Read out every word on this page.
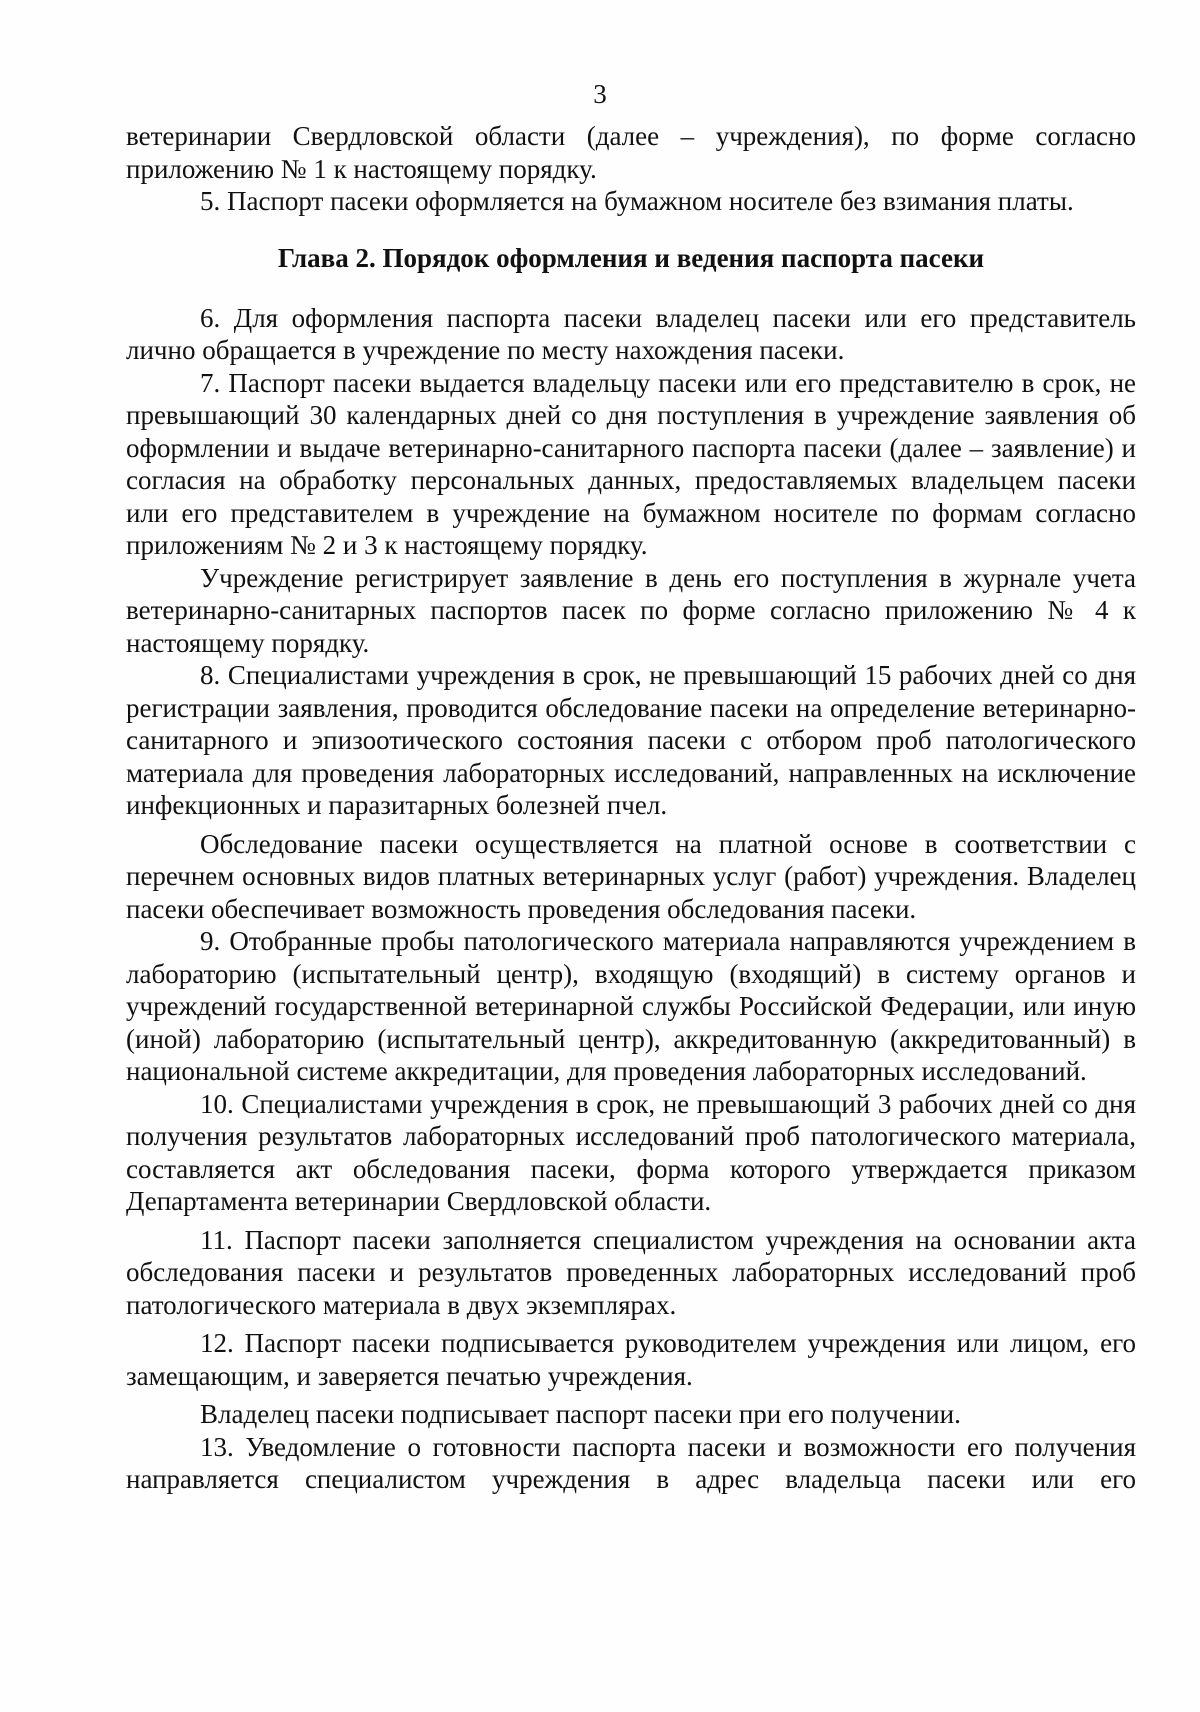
3

ветеринарии Свердловской области (далее – учреждения), по форме согласно приложению № 1 к настоящему порядку.

5. Паспорт пасеки оформляется на бумажном носителе без взимания платы.

Глава 2. Порядок оформления и ведения паспорта пасеки

6. Для оформления паспорта пасеки владелец пасеки или его представитель лично обращается в учреждение по месту нахождения пасеки.

7. Паспорт пасеки выдается владельцу пасеки или его представителю в срок, не превышающий 30 календарных дней со дня поступления в учреждение заявления об оформлении и выдаче ветеринарно-санитарного паспорта пасеки (далее – заявление) и согласия на обработку персональных данных, предоставляемых владельцем пасеки или его представителем в учреждение на бумажном носителе по формам согласно приложениям № 2 и 3 к настоящему порядку.

Учреждение регистрирует заявление в день его поступления в журнале учета ветеринарно-санитарных паспортов пасек по форме согласно приложению № 4 к настоящему порядку.

8. Специалистами учреждения в срок, не превышающий 15 рабочих дней со дня регистрации заявления, проводится обследование пасеки на определение ветеринарно-санитарного и эпизоотического состояния пасеки с отбором проб патологического материала для проведения лабораторных исследований, направленных на исключение инфекционных и паразитарных болезней пчел.

Обследование пасеки осуществляется на платной основе в соответствии с перечнем основных видов платных ветеринарных услуг (работ) учреждения. Владелец пасеки обеспечивает возможность проведения обследования пасеки.

9. Отобранные пробы патологического материала направляются учреждением в лабораторию (испытательный центр), входящую (входящий) в систему органов и учреждений государственной ветеринарной службы Российской Федерации, или иную (иной) лабораторию (испытательный центр), аккредитованную (аккредитованный) в национальной системе аккредитации, для проведения лабораторных исследований.

10. Специалистами учреждения в срок, не превышающий 3 рабочих дней со дня получения результатов лабораторных исследований проб патологического материала, составляется акт обследования пасеки, форма которого утверждается приказом Департамента ветеринарии Свердловской области.

11. Паспорт пасеки заполняется специалистом учреждения на основании акта обследования пасеки и результатов проведенных лабораторных исследований проб патологического материала в двух экземплярах.

12. Паспорт пасеки подписывается руководителем учреждения или лицом, его замещающим, и заверяется печатью учреждения.

Владелец пасеки подписывает паспорт пасеки при его получении.

13. Уведомление о готовности паспорта пасеки и возможности его получения направляется специалистом учреждения в адрес владельца пасеки или его
